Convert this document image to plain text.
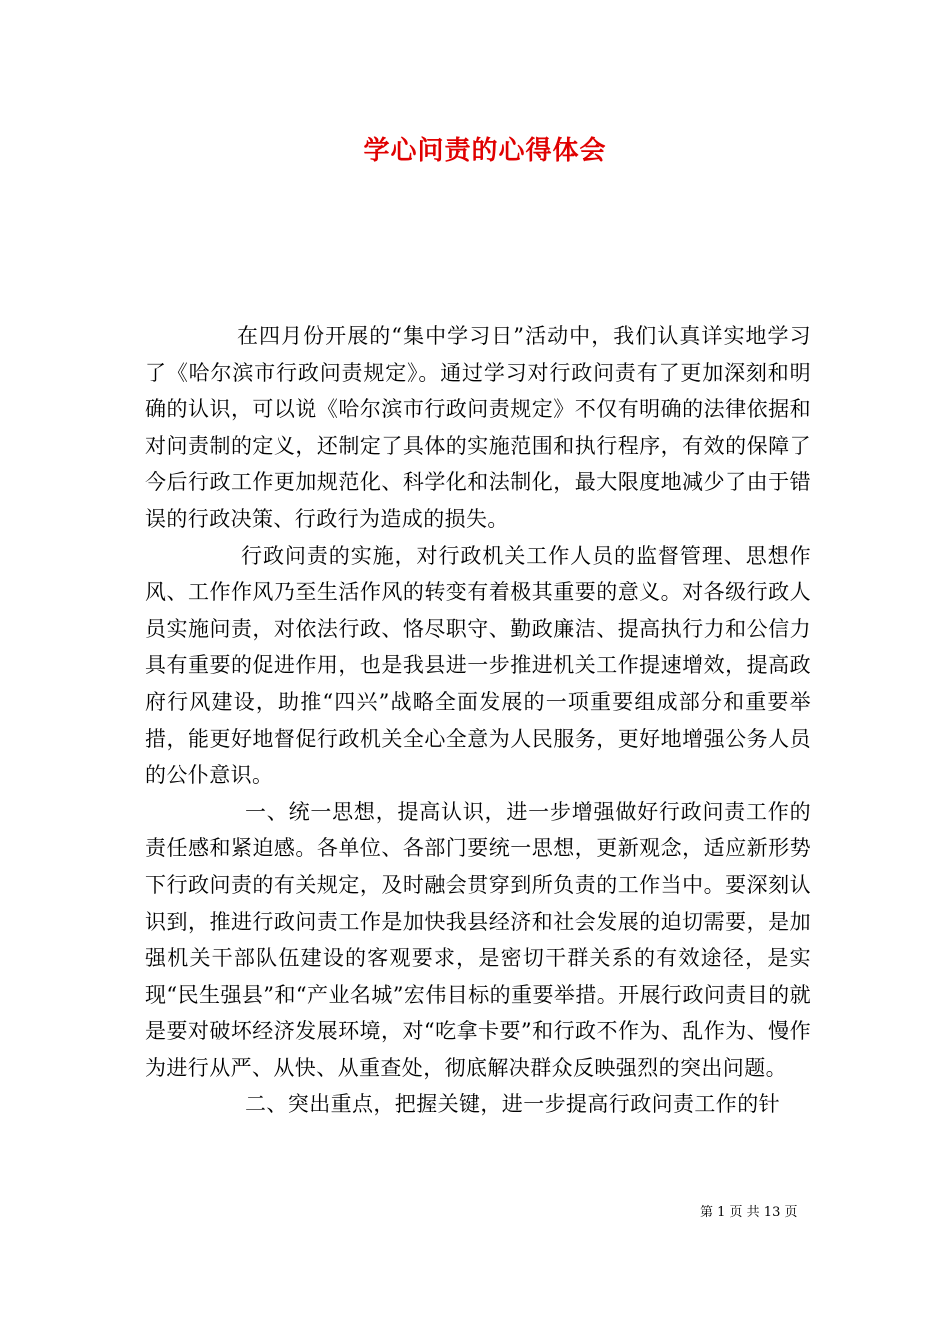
学心问责的心得体会

在四月份开展的“集中学习日”活动中，我们认真详实地学习了《哈尔滨市行政问责规定》。通过学习对行政问责有了更加深刻和明确的认识，可以说《哈尔滨市行政问责规定》不仅有明确的法律依据和对问责制的定义，还制定了具体的实施范围和执行程序，有效的保障了今后行政工作更加规范化、科学化和法制化，最大限度地减少了由于错误的行政决策、行政行为造成的损失。

行政问责的实施，对行政机关工作人员的监督管理、思想作风、工作作风乃至生活作风的转变有着极其重要的意义。对各级行政人员实施问责，对依法行政、恪尽职守、勤政廉洁、提高执行力和公信力具有重要的促进作用，也是我县进一步推进机关工作提速增效，提高政府行风建设，助推“四兴”战略全面发展的一项重要组成部分和重要举措，能更好地督促行政机关全心全意为人民服务，更好地增强公务人员的公仆意识。

一、统一思想，提高认识，进一步增强做好行政问责工作的责任感和紧迫感。各单位、各部门要统一思想，更新观念，适应新形势下行政问责的有关规定，及时融会贯穿到所负责的工作当中。要深刻认识到，推进行政问责工作是加快我县经济和社会发展的迫切需要，是加强机关干部队伍建设的客观要求，是密切干群关系的有效途径，是实现“民生强县”和“产业名城”宏伟目标的重要举措。开展行政问责目的就是要对破坏经济发展环境，对“吃拿卡要”和行政不作为、乱作为、慢作为进行从严、从快、从重查处，彻底解决群众反映强烈的突出问题。

二、突出重点，把握关键，进一步提高行政问责工作的针

第 1 页 共 13 页
